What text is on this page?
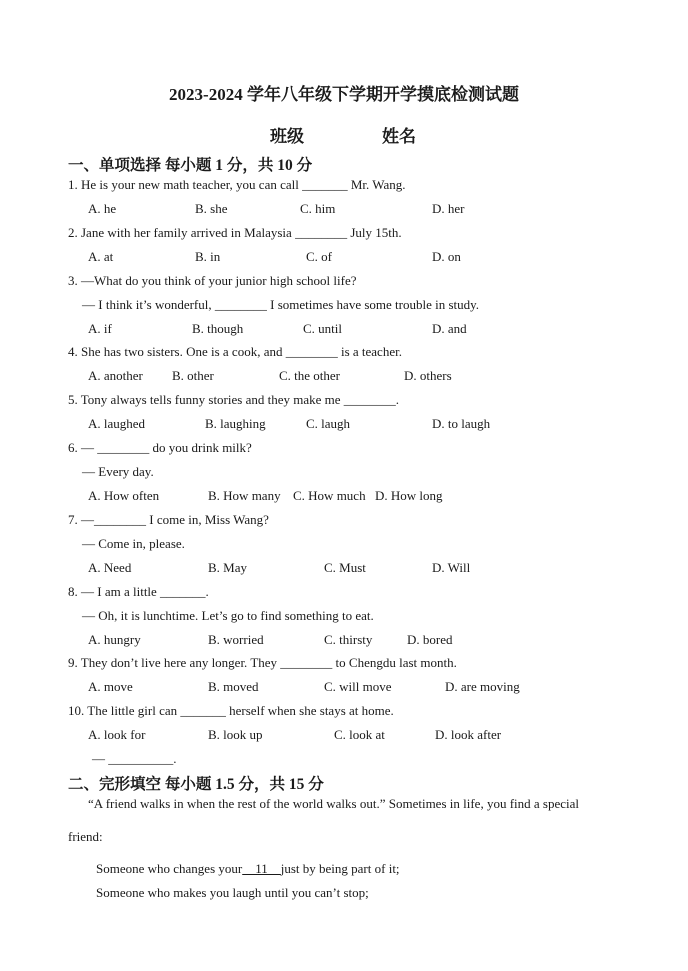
2023-2024 学年八年级下学期开学摸底检测试题
班级	姓名
一、单项选择 每小题 1 分，共 10 分
1. He is your new math teacher, you can call _______ Mr. Wang.
A. he	B. she	C. him	D. her
2. Jane with her family arrived in Malaysia ________ July 15th.
A. at	B. in	C. of	D. on
3. —What do you think of your junior high school life?
— I think it’s wonderful, ________ I sometimes have some trouble in study.
A. if	B. though	C. until	D. and
4. She has two sisters. One is a cook, and ________ is a teacher.
A. another B. other	C. the other	D. others
5. Tony always tells funny stories and they make me ________.
A. laughed	B. laughing	C. laugh	D. to laugh
6. — ________ do you drink milk?
— Every day.
A. How often	B. How many C. How much D. How long
7. —________ I come in, Miss Wang?
— Come in, please.
A. Need	B. May	C. Must	D. Will
8. — I am a little _______.
— Oh, it is lunchtime. Let’s go to find something to eat.
A. hungry	B. worried	C. thirsty	D. bored
9. They don’t live here any longer. They ________ to Chengdu last month.
A. move	B. moved	C. will move	D. are moving
10. The little girl can _______ herself when she stays at home.
A. look for	B. look up	C. look at	D. look after
— __________.
二、完形填空 每小题 1.5 分，共 15 分
“A friend walks in when the rest of the world walks out.” Sometimes in life, you find a special
friend:
Someone who changes your    11    just by being part of it;
Someone who makes you laugh until you can’t stop;
